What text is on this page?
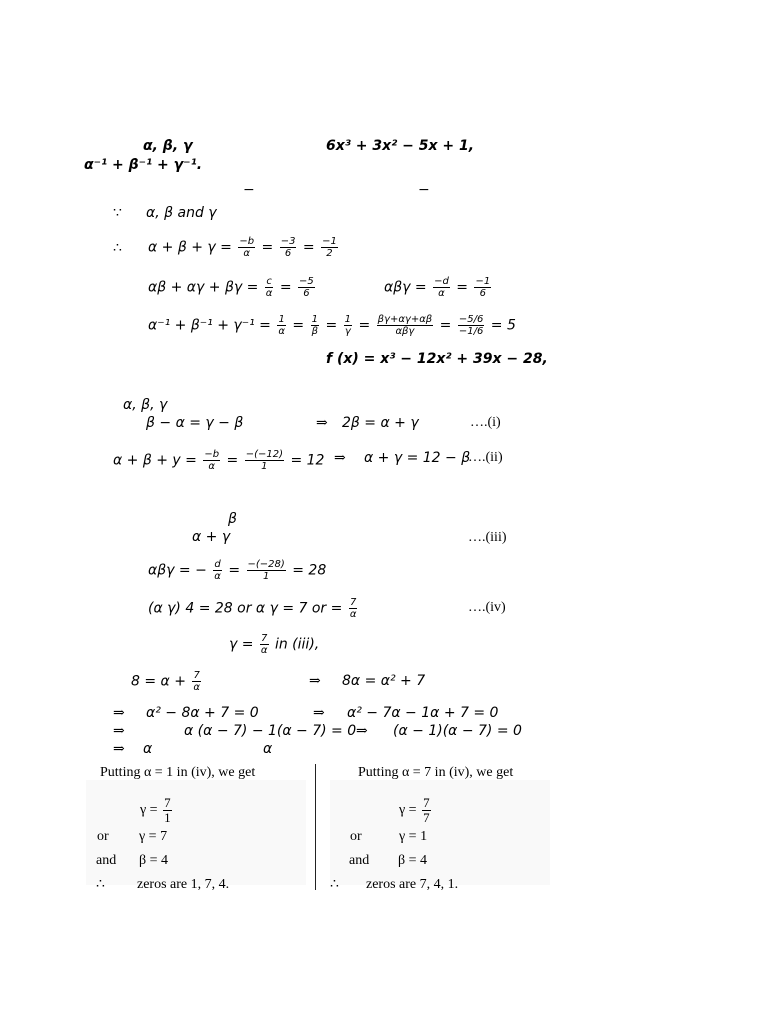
α, β, γ	6x³ + 3x² − 5x + 1,
α⁻¹ + β⁻¹ + γ⁻¹.
−	−
∵ α, β and γ
∴ $\alpha + \beta + \gamma = \frac{-b}{\alpha} = \frac{-3}{6} = \frac{-1}{2}$
$\alpha\beta + \alpha\gamma + \beta\gamma = \frac{c}{\alpha} = \frac{-5}{6}$	$\alpha\beta\gamma = \frac{-d}{\alpha} = \frac{-1}{6}$
$\alpha^{-1} + \beta^{-1} + \gamma^{-1} = \frac{1}{\alpha} = \frac{1}{\beta} = \frac{1}{\gamma} = \frac{\beta\gamma+\alpha\gamma+\alpha\beta}{\text{αβγ}} = \frac{-5/6}{-1/6} = 5$
f (x) = x³ − 12x² + 39x − 28,
α, β, γ
β − α = γ − β	⇒ 2β = α + γ	….(i)
$\alpha + \beta + y = \frac{-b}{\alpha} = \frac{-(-12)}{1} = 12$ ⇒ α + γ = 12 − β
….(ii)
β
α + γ	….(iii)
αβγ = − $\frac{d}{\alpha} = \frac{-(-28)}{1} = 28$
(α γ) 4 = 28 or α γ = 7 or = $\frac{7}{\alpha}$	….(iv)
$\gamma = \frac{7}{\alpha}$ in (iii),
$8 = \alpha + \frac{7}{\alpha}$	⇒ 8α = α² + 7
⇒ α² − 8α + 7 = 0	⇒ α² − 7α − 1α + 7 = 0
⇒	α (α − 7) − 1(α − 7) = 0 ⇒ (α − 1)(α − 7) = 0
⇒ α	α
Putting α = 1 in (iv), we get
$\gamma = \frac{7}{1}$
or γ = 7
and β = 4
∴ zeros are 1, 7, 4.
Putting α = 7 in (iv), we get
$\gamma = \frac{7}{7}$
or	γ = 1
and β = 4
∴ zeros are 7, 4, 1.
